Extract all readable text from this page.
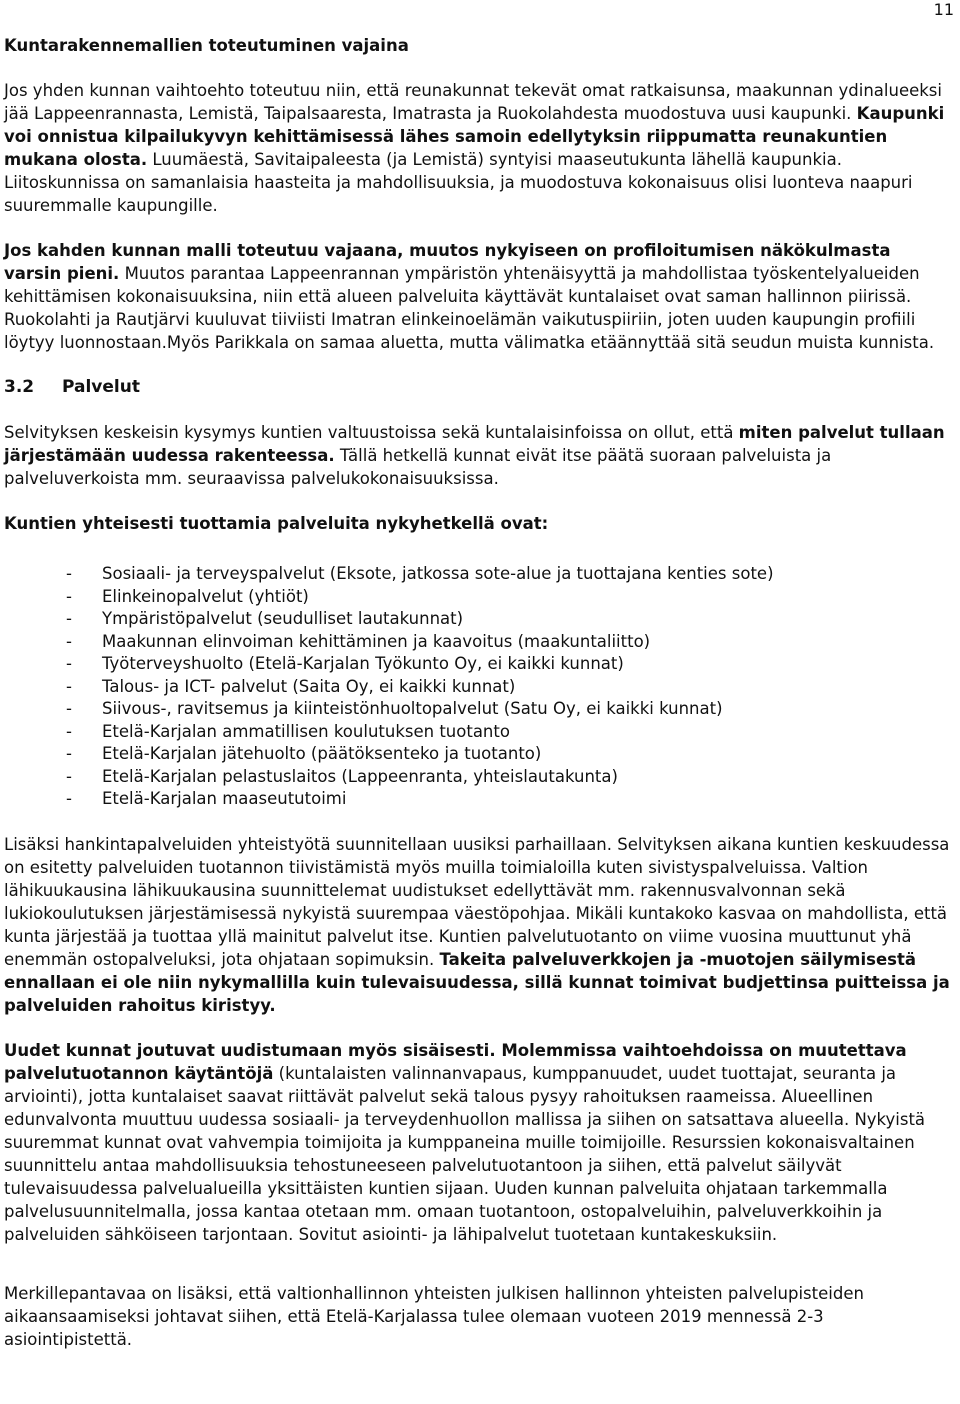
11
Kuntarakennemallien toteutuminen vajaina

Jos yhden kunnan vaihtoehto toteutuu niin, että reunakunnat tekevät omat ratkaisunsa, maakunnan ydinalueeksi jää Lappeenrannasta, Lemistä, Taipalsaaresta, Imatrasta ja Ruokolahdesta muodostuva uusi kaupunki. Kaupunki voi onnistua kilpailukyvyn kehittämisessä lähes samoin edellytyksin riippumatta reunakuntien mukana olosta. Luumäestä, Savitaipaleesta (ja Lemistä) syntyisi maaseutukunta lähellä kaupunkia. Liitoskunnissa on samanlaisia haasteita ja mahdollisuuksia, ja muodostuva kokonaisuus olisi luonteva naapuri suuremmalle kaupungille.

Jos kahden kunnan malli toteutuu vajaana, muutos nykyiseen on profiloitumisen näkökulmasta varsin pieni. Muutos parantaa Lappeenrannan ympäristön yhtenäisyyttä ja mahdollistaa työskentelyalueiden kehittämisen kokonaisuuksina, niin että alueen palveluita käyttävät kuntalaiset ovat saman hallinnon piirissä. Ruokolahti ja Rautjärvi kuuluvat tiiviisti Imatran elinkeinoelämän vaikutuspiiriin, joten uuden kaupungin profiili löytyy luonnostaan.Myös Parikkala on samaa aluetta, mutta välimatka etäännyttää sitä seudun muista kunnista.

3.2	Palvelut

Selvityksen keskeisin kysymys kuntien valtuustoissa sekä kuntalaisinfoissa on ollut, että miten palvelut tullaan järjestämään uudessa rakenteessa. Tällä hetkellä kunnat eivät itse päätä suoraan palveluista ja palveluverkoista mm. seuraavissa palvelukokonaisuuksissa.

Kuntien yhteisesti tuottamia palveluita nykyhetkellä ovat:
- Sosiaali- ja terveyspalvelut (Eksote, jatkossa sote-alue ja tuottajana kenties sote)
- Elinkeinopalvelut (yhtiöt)
- Ympäristöpalvelut (seudulliset lautakunnat)
- Maakunnan elinvoiman kehittäminen ja kaavoitus (maakuntaliitto)
- Työterveyshuolto (Etelä-Karjalan Työkunto Oy, ei kaikki kunnat)
- Talous- ja ICT- palvelut (Saita Oy, ei kaikki kunnat)
- Siivous-, ravitsemus ja kiinteistönhuoltopalvelut (Satu Oy, ei kaikki kunnat)
- Etelä-Karjalan ammatillisen koulutuksen tuotanto
- Etelä-Karjalan jätehuolto (päätöksenteko ja tuotanto)
- Etelä-Karjalan pelastuslaitos (Lappeenranta, yhteislautakunta)
- Etelä-Karjalan maaseututoimi

Lisäksi hankintapalveluiden yhteistyötä suunnitellaan uusiksi parhaillaan. Selvityksen aikana kuntien keskuudessa on esitetty palveluiden tuotannon tiivistämistä myös muilla toimialoilla kuten sivistyspalveluissa. Valtion lähikuukausina lähikuukausina suunnittelemat uudistukset edellyttävät mm. rakennusvalvonnan sekä lukiokoulutuksen järjestämisessä nykyistä suurempaa väestöpohjaa. Mikäli kuntakoko kasvaa on mahdollista, että kunta järjestää ja tuottaa yllä mainitut palvelut itse. Kuntien palvelutuotanto on viime vuosina muuttunut yhä enemmän ostopalveluksi, jota ohjataan sopimuksin. Takeita palveluverkkojen ja -muotojen säilymisestä ennallaan ei ole niin nykymallilla kuin tulevaisuudessa, sillä kunnat toimivat budjettinsa puitteissa ja palveluiden rahoitus kiristyy.

Uudet kunnat joutuvat uudistumaan myös sisäisesti. Molemmissa vaihtoehdoissa on muutettava palvelutuotannon käytäntöjä (kuntalaisten valinnanvapaus, kumppanuudet, uudet tuottajat, seuranta ja arviointi), jotta kuntalaiset saavat riittävät palvelut sekä talous pysyy rahoituksen raameissa. Alueellinen edunvalvonta muuttuu uudessa sosiaali- ja terveydenhuollon mallissa ja siihen on satsattava alueella. Nykyistä suuremmat kunnat ovat vahvempia toimijoita ja kumppaneina muille toimijoille. Resurssien kokonaisvaltainen suunnittelu antaa mahdollisuuksia tehostuneeseen palvelutuotantoon ja siihen, että palvelut säilyvät tulevaisuudessa palvelualueilla yksittäisten kuntien sijaan. Uuden kunnan palveluita ohjataan tarkemmalla palvelusuunnitelmalla, jossa kantaa otetaan mm. omaan tuotantoon, ostopalveluihin, palveluverkkoihin ja palveluiden sähköiseen tarjontaan. Sovitut asiointi- ja lähipalvelut tuotetaan kuntakeskuksiin.

Merkillepantavaa on lisäksi, että valtionhallinnon yhteisten julkisen hallinnon yhteisten palvelupisteiden aikaansaamiseksi johtavat siihen, että Etelä-Karjalassa tulee olemaan vuoteen 2019 mennessä 2-3 asiointipistettä.
